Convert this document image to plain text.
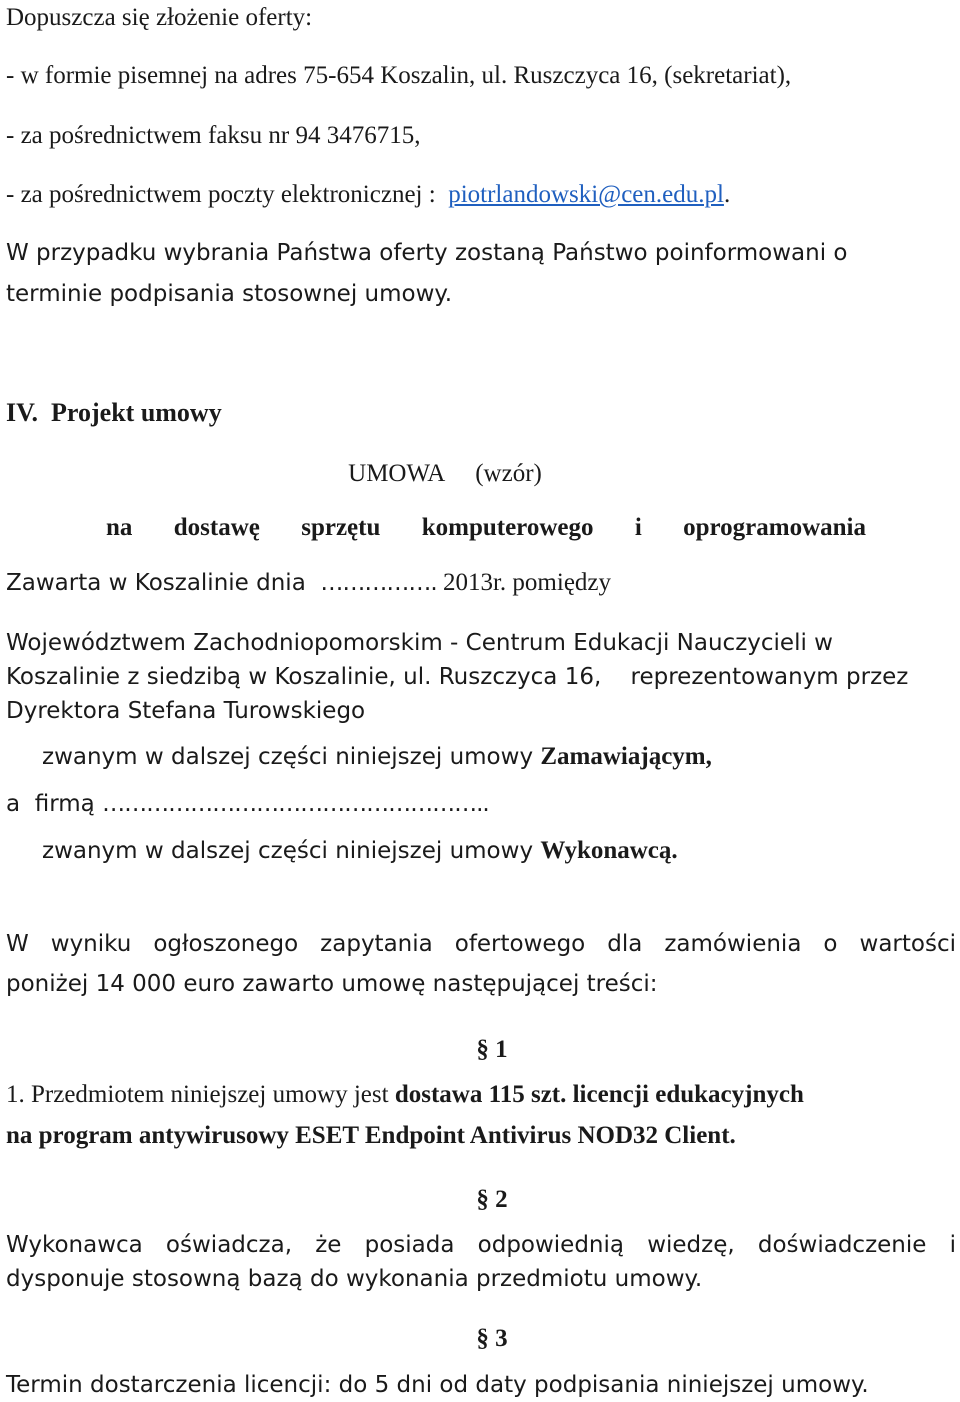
Dopuszcza się złożenie oferty:

- w formie pisemnej na adres 75-654 Koszalin, ul. Ruszczyca 16, (sekretariat),

- za pośrednictwem faksu nr 94 3476715,

- za pośrednictwem poczty elektronicznej : piotrlandowski@cen.edu.pl.

W przypadku wybrania Państwa oferty zostaną Państwo poinformowani o

terminie podpisania stosownej umowy.

IV. Projekt umowy

UMOWA     (wzór)

na dostawę sprzętu komputerowego i oprogramowania

Zawarta w Koszalinie dnia ……………. 2013r. pomiędzy

Województwem Zachodniopomorskim - Centrum Edukacji Nauczycieli w

Koszalinie z siedzibą w Koszalinie, ul. Ruszczyca 16,    reprezentowanym przez

Dyrektora Stefana Turowskiego

zwanym w dalszej części niniejszej umowy Zamawiającym,

a  firmą ……………………………………………..

zwanym w dalszej części niniejszej umowy Wykonawcą.

W wyniku ogłoszonego zapytania ofertowego dla zamówienia o wartości

poniżej 14 000 euro zawarto umowę następującej treści:

§ 1

1. Przedmiotem niniejszej umowy jest dostawa 115 szt. licencji edukacyjnych

na program antywirusowy ESET Endpoint Antivirus NOD32 Client.

§ 2

Wykonawca oświadcza, że posiada odpowiednią wiedzę, doświadczenie i

dysponuje stosowną bazą do wykonania przedmiotu umowy.

§ 3

Termin dostarczenia licencji: do 5 dni od daty podpisania niniejszej umowy.
